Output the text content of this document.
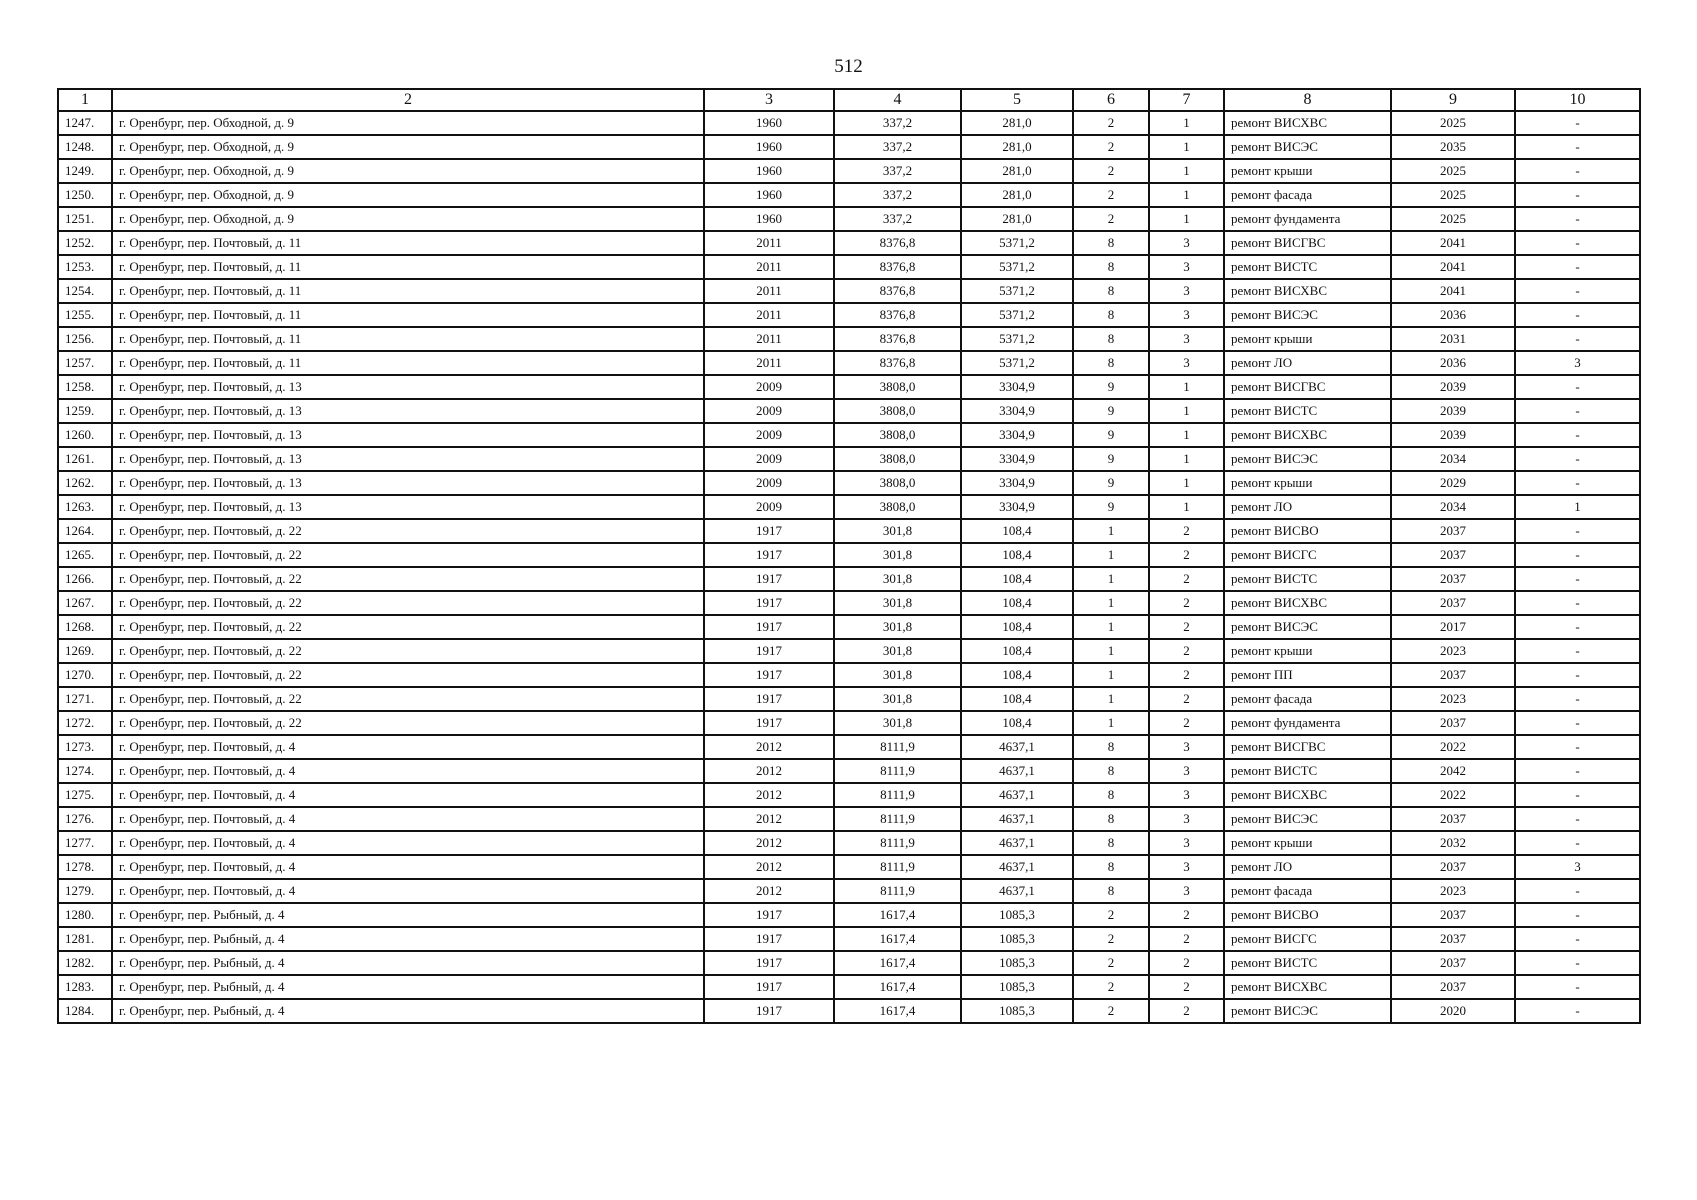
512
1	2	3	4	5	6	7	8	9	10
1247.	г. Оренбург, пер. Обходной, д. 9	1960	337,2	281,0	2	1	ремонт ВИСХВС	2025	-
1248.	г. Оренбург, пер. Обходной, д. 9	1960	337,2	281,0	2	1	ремонт ВИСЭС	2035	-
1249.	г. Оренбург, пер. Обходной, д. 9	1960	337,2	281,0	2	1	ремонт крыши	2025	-
1250.	г. Оренбург, пер. Обходной, д. 9	1960	337,2	281,0	2	1	ремонт фасада	2025	-
1251.	г. Оренбург, пер. Обходной, д. 9	1960	337,2	281,0	2	1	ремонт фундамента	2025	-
1252.	г. Оренбург, пер. Почтовый, д. 11	2011	8376,8	5371,2	8	3	ремонт ВИСГВС	2041	-
1253.	г. Оренбург, пер. Почтовый, д. 11	2011	8376,8	5371,2	8	3	ремонт ВИСТС	2041	-
1254.	г. Оренбург, пер. Почтовый, д. 11	2011	8376,8	5371,2	8	3	ремонт ВИСХВС	2041	-
1255.	г. Оренбург, пер. Почтовый, д. 11	2011	8376,8	5371,2	8	3	ремонт ВИСЭС	2036	-
1256.	г. Оренбург, пер. Почтовый, д. 11	2011	8376,8	5371,2	8	3	ремонт крыши	2031	-
1257.	г. Оренбург, пер. Почтовый, д. 11	2011	8376,8	5371,2	8	3	ремонт ЛО	2036	3
1258.	г. Оренбург, пер. Почтовый, д. 13	2009	3808,0	3304,9	9	1	ремонт ВИСГВС	2039	-
1259.	г. Оренбург, пер. Почтовый, д. 13	2009	3808,0	3304,9	9	1	ремонт ВИСТС	2039	-
1260.	г. Оренбург, пер. Почтовый, д. 13	2009	3808,0	3304,9	9	1	ремонт ВИСХВС	2039	-
1261.	г. Оренбург, пер. Почтовый, д. 13	2009	3808,0	3304,9	9	1	ремонт ВИСЭС	2034	-
1262.	г. Оренбург, пер. Почтовый, д. 13	2009	3808,0	3304,9	9	1	ремонт крыши	2029	-
1263.	г. Оренбург, пер. Почтовый, д. 13	2009	3808,0	3304,9	9	1	ремонт ЛО	2034	1
1264.	г. Оренбург, пер. Почтовый, д. 22	1917	301,8	108,4	1	2	ремонт ВИСВО	2037	-
1265.	г. Оренбург, пер. Почтовый, д. 22	1917	301,8	108,4	1	2	ремонт ВИСГС	2037	-
1266.	г. Оренбург, пер. Почтовый, д. 22	1917	301,8	108,4	1	2	ремонт ВИСТС	2037	-
1267.	г. Оренбург, пер. Почтовый, д. 22	1917	301,8	108,4	1	2	ремонт ВИСХВС	2037	-
1268.	г. Оренбург, пер. Почтовый, д. 22	1917	301,8	108,4	1	2	ремонт ВИСЭС	2017	-
1269.	г. Оренбург, пер. Почтовый, д. 22	1917	301,8	108,4	1	2	ремонт крыши	2023	-
1270.	г. Оренбург, пер. Почтовый, д. 22	1917	301,8	108,4	1	2	ремонт ПП	2037	-
1271.	г. Оренбург, пер. Почтовый, д. 22	1917	301,8	108,4	1	2	ремонт фасада	2023	-
1272.	г. Оренбург, пер. Почтовый, д. 22	1917	301,8	108,4	1	2	ремонт фундамента	2037	-
1273.	г. Оренбург, пер. Почтовый, д. 4	2012	8111,9	4637,1	8	3	ремонт ВИСГВС	2022	-
1274.	г. Оренбург, пер. Почтовый, д. 4	2012	8111,9	4637,1	8	3	ремонт ВИСТС	2042	-
1275.	г. Оренбург, пер. Почтовый, д. 4	2012	8111,9	4637,1	8	3	ремонт ВИСХВС	2022	-
1276.	г. Оренбург, пер. Почтовый, д. 4	2012	8111,9	4637,1	8	3	ремонт ВИСЭС	2037	-
1277.	г. Оренбург, пер. Почтовый, д. 4	2012	8111,9	4637,1	8	3	ремонт крыши	2032	-
1278.	г. Оренбург, пер. Почтовый, д. 4	2012	8111,9	4637,1	8	3	ремонт ЛО	2037	3
1279.	г. Оренбург, пер. Почтовый, д. 4	2012	8111,9	4637,1	8	3	ремонт фасада	2023	-
1280.	г. Оренбург, пер. Рыбный, д. 4	1917	1617,4	1085,3	2	2	ремонт ВИСВО	2037	-
1281.	г. Оренбург, пер. Рыбный, д. 4	1917	1617,4	1085,3	2	2	ремонт ВИСГС	2037	-
1282.	г. Оренбург, пер. Рыбный, д. 4	1917	1617,4	1085,3	2	2	ремонт ВИСТС	2037	-
1283.	г. Оренбург, пер. Рыбный, д. 4	1917	1617,4	1085,3	2	2	ремонт ВИСХВС	2037	-
1284.	г. Оренбург, пер. Рыбный, д. 4	1917	1617,4	1085,3	2	2	ремонт ВИСЭС	2020	-
